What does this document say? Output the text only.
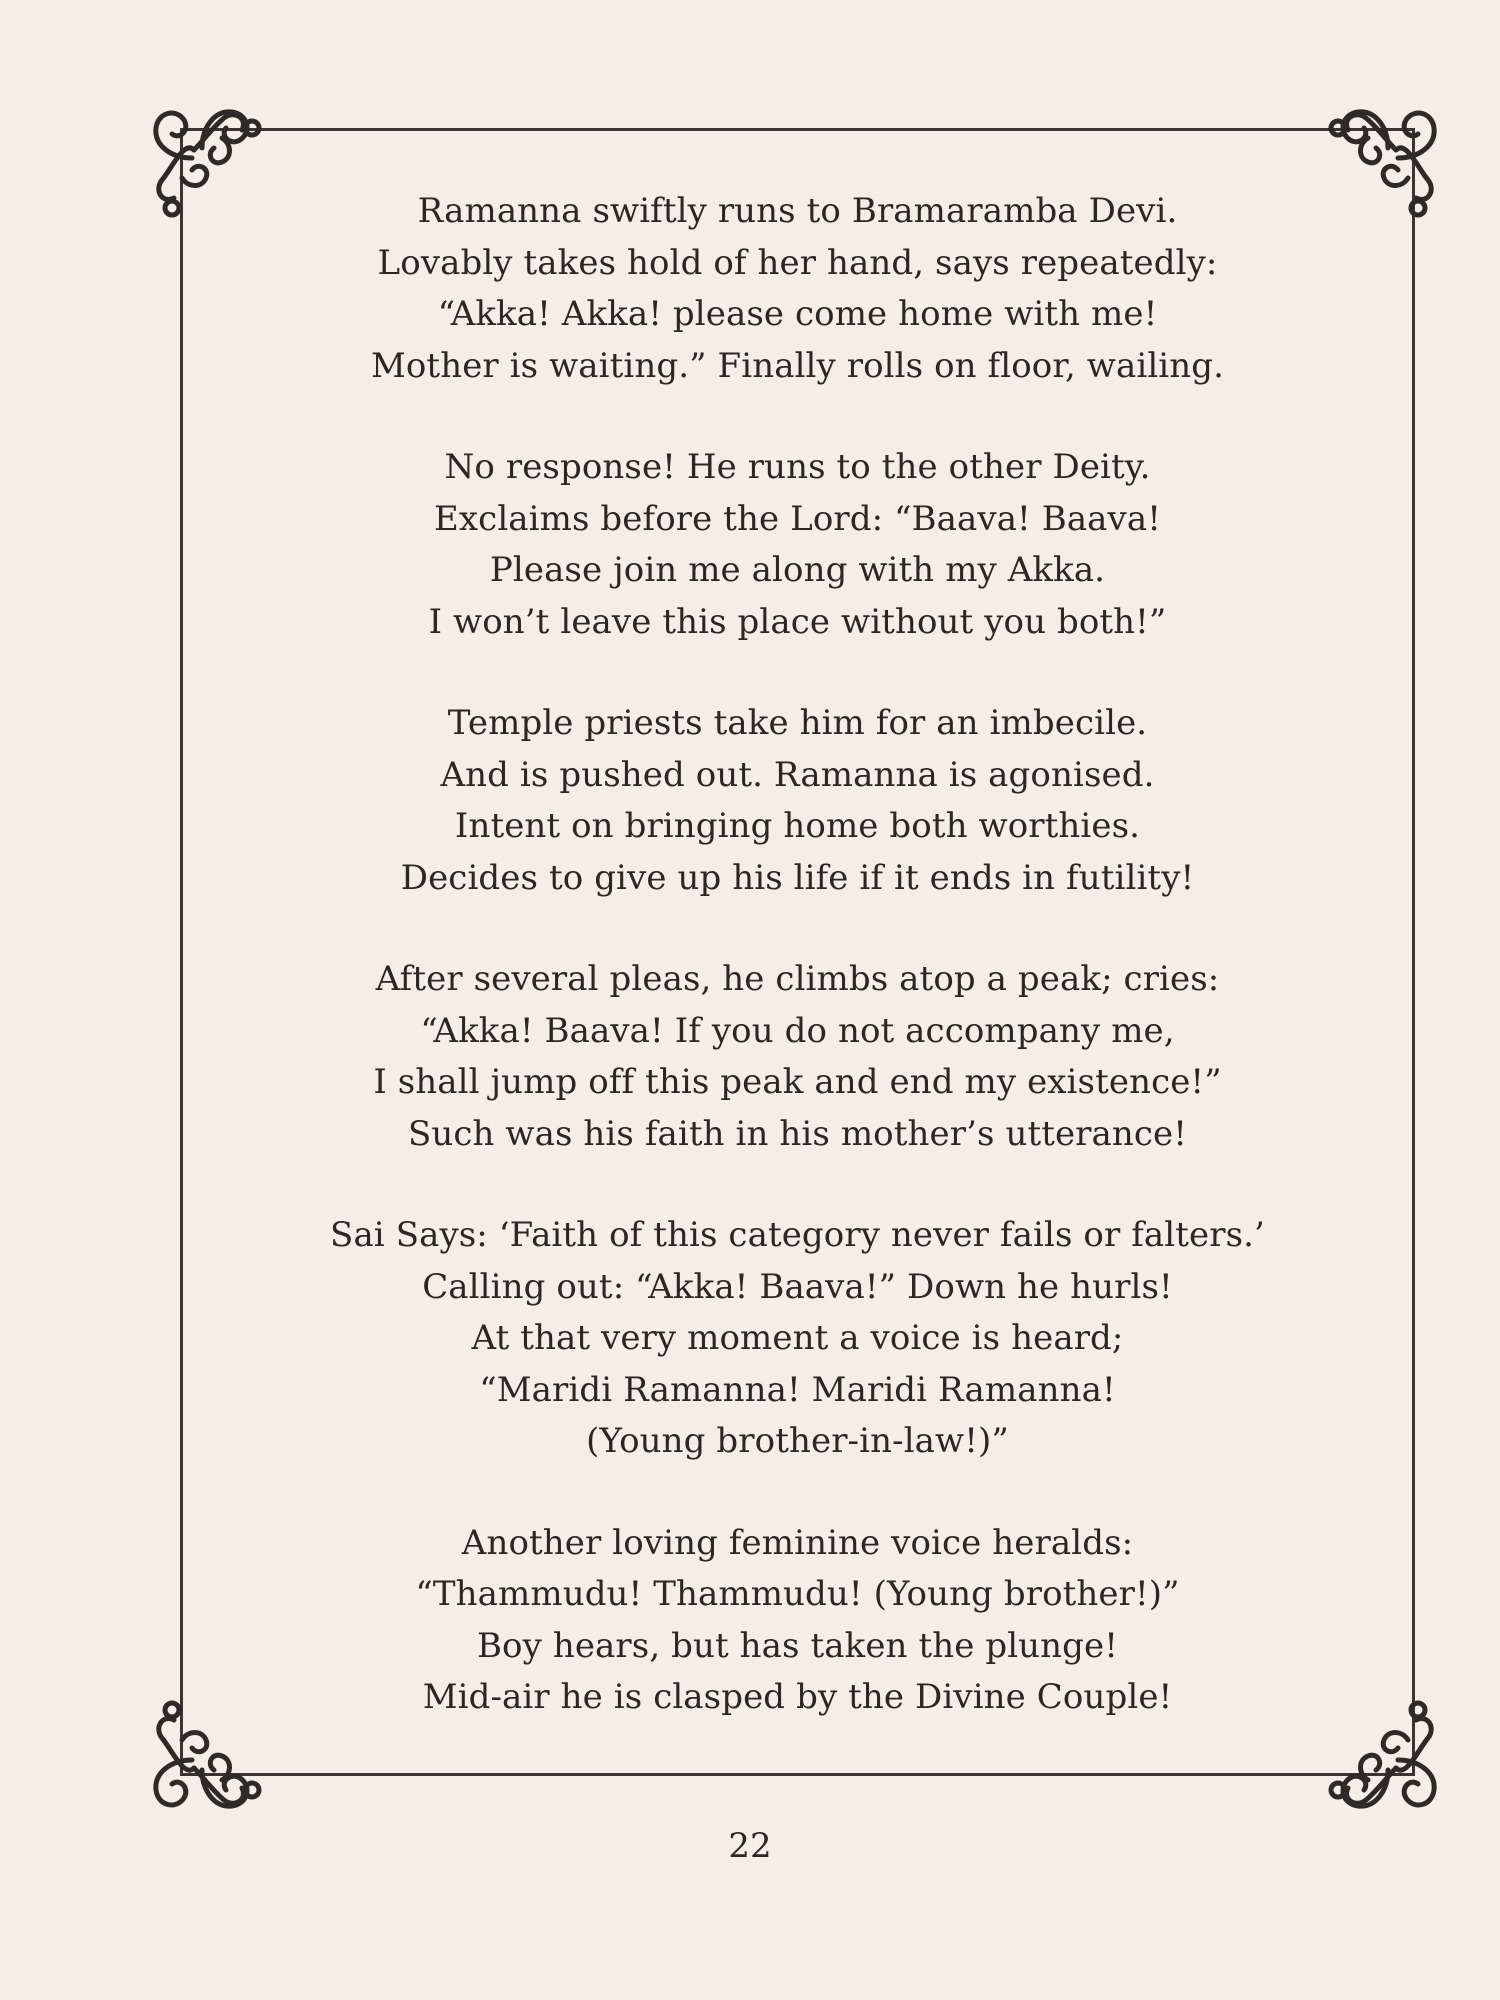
Ramanna swiftly runs to Bramaramba Devi.
Lovably takes hold of her hand, says repeatedly:
“Akka! Akka! please come home with me!
Mother is waiting.” Finally rolls on floor, wailing.
No response! He runs to the other Deity.
Exclaims before the Lord: “Baava! Baava!
Please join me along with my Akka.
I won’t leave this place without you both!”
Temple priests take him for an imbecile.
And is pushed out. Ramanna is agonised.
Intent on bringing home both worthies.
Decides to give up his life if it ends in futility!
After several pleas, he climbs atop a peak; cries:
“Akka! Baava! If you do not accompany me,
I shall jump off this peak and end my existence!”
Such was his faith in his mother’s utterance!
Sai Says: ‘Faith of this category never fails or falters.’
Calling out: “Akka! Baava!” Down he hurls!
At that very moment a voice is heard;
“Maridi Ramanna! Maridi Ramanna!
(Young brother-in-law!)”
Another loving feminine voice heralds:
“Thammudu! Thammudu! (Young brother!)”
Boy hears, but has taken the plunge!
Mid-air he is clasped by the Divine Couple!
22
